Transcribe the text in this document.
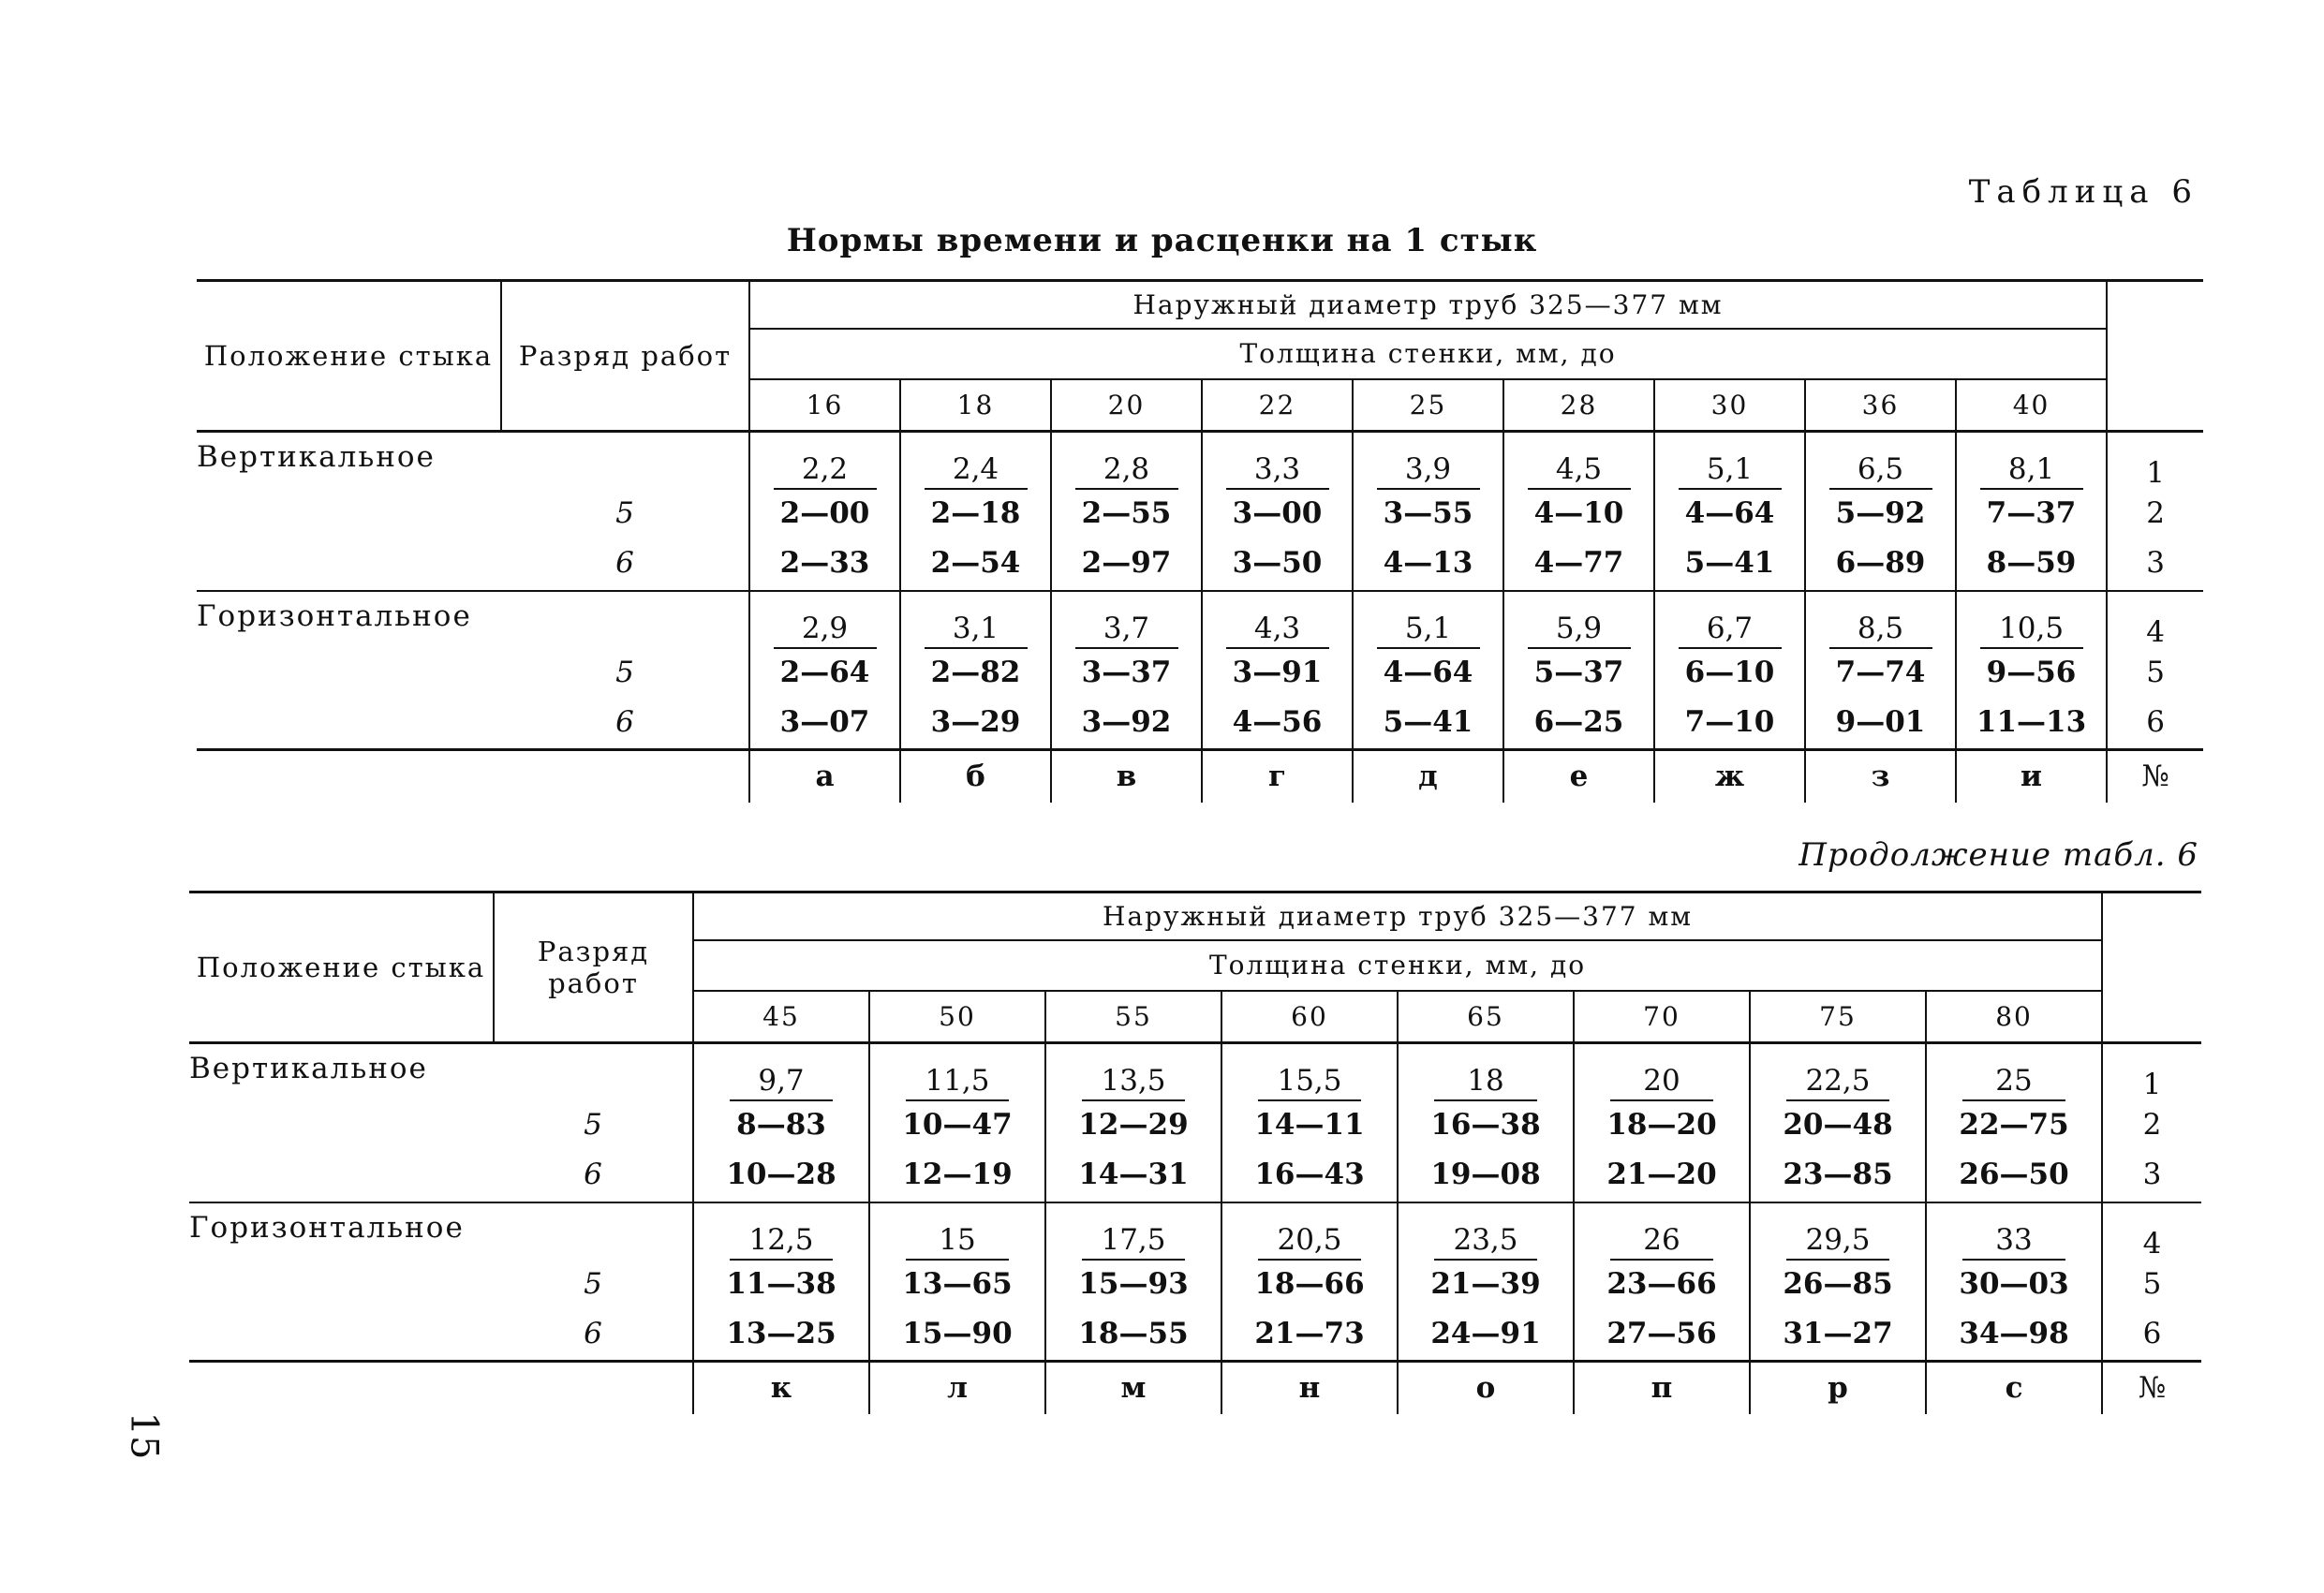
Таблица 6
Нормы времени и расценки на 1 стык
Продолжение табл. 6
15
Положение стыка	Разряд работ	Наружный диаметр труб 325—377 мм									
		Толщина стенки, мм, до									
		16	18	20	22	25	28	30	36	40	
Вертикальное		2,2	2,4	2,8	3,3	3,9	4,5	5,1	6,5	8,1	1
	5	2—00	2—18	2—55	3—00	3—55	4—10	4—64	5—92	7—37	2
	6	2—33	2—54	2—97	3—50	4—13	4—77	5—41	6—89	8—59	3
Горизонтальное		2,9	3,1	3,7	4,3	5,1	5,9	6,7	8,5	10,5	4
	5	2—64	2—82	3—37	3—91	4—64	5—37	6—10	7—74	9—56	5
	6	3—07	3—29	3—92	4—56	5—41	6—25	7—10	9—01	11—13	6
		а	б	в	г	д	е	ж	з	и	№
Положение стыка	Разряд работ	Наружный диаметр труб 325—377 мм								
		Толщина стенки, мм, до								
		45	50	55	60	65	70	75	80	
Вертикальное		9,7	11,5	13,5	15,5	18	20	22,5	25	1
	5	8—83	10—47	12—29	14—11	16—38	18—20	20—48	22—75	2
	6	10—28	12—19	14—31	16—43	19—08	21—20	23—85	26—50	3
Горизонтальное		12,5	15	17,5	20,5	23,5	26	29,5	33	4
	5	11—38	13—65	15—93	18—66	21—39	23—66	26—85	30—03	5
	6	13—25	15—90	18—55	21—73	24—91	27—56	31—27	34—98	6
		к	л	м	н	о	п	р	с	№
